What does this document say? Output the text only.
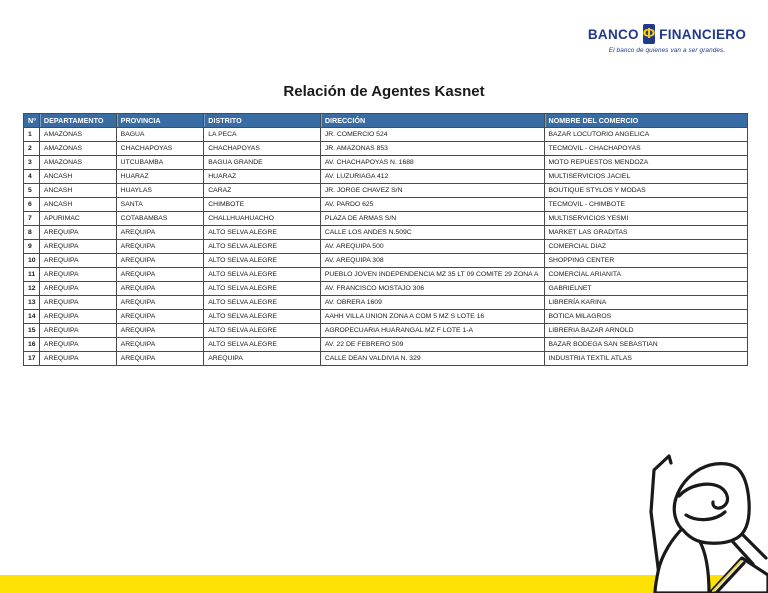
BANCO Φ FINANCIERO
El banco de quienes van a ser grandes.
Relación de Agentes Kasnet
Nº	DEPARTAMENTO	PROVINCIA	DISTRITO	DIRECCIÓN	NOMBRE DEL COMERCIO
1	AMAZONAS	BAGUA	LA PECA	JR. COMERCIO 524	BAZAR LOCUTORIO ANGELICA
2	AMAZONAS	CHACHAPOYAS	CHACHAPOYAS	JR. AMAZONAS 853	TECMOVIL - CHACHAPOYAS
3	AMAZONAS	UTCUBAMBA	BAGUA GRANDE	AV. CHACHAPOYAS N. 1688	MOTO REPUESTOS MENDOZA
4	ANCASH	HUARAZ	HUARAZ	AV. LUZURIAGA 412	MULTISERVICIOS JACIEL
5	ANCASH	HUAYLAS	CARAZ	JR. JORGE CHAVEZ S/N	BOUTIQUE STYLOS Y MODAS
6	ANCASH	SANTA	CHIMBOTE	AV. PARDO 625	TECMOVIL - CHIMBOTE
7	APURIMAC	COTABAMBAS	CHALLHUAHUACHO	PLAZA DE ARMAS S/N	MULTISERVICIOS YESMI
8	AREQUIPA	AREQUIPA	ALTO SELVA ALEGRE	CALLE LOS ANDES N.509C	MARKET LAS GRADITAS
9	AREQUIPA	AREQUIPA	ALTO SELVA ALEGRE	AV. AREQUIPA 500	COMERCIAL DIAZ
10	AREQUIPA	AREQUIPA	ALTO SELVA ALEGRE	AV. AREQUIPA 308	SHOPPING CENTER
11	AREQUIPA	AREQUIPA	ALTO SELVA ALEGRE	PUEBLO JOVEN INDEPENDENCIA MZ 35 LT 09 COMITE 29 ZONA A	COMERCIAL ARIANITA
12	AREQUIPA	AREQUIPA	ALTO SELVA ALEGRE	AV. FRANCISCO MOSTAJO 306	GABRIELNET
13	AREQUIPA	AREQUIPA	ALTO SELVA ALEGRE	AV. OBRERA 1609	LIBRERÍA KARINA
14	AREQUIPA	AREQUIPA	ALTO SELVA ALEGRE	AAHH VILLA UNION ZONA A COM 5 MZ S LOTE 16	BOTICA MILAGROS
15	AREQUIPA	AREQUIPA	ALTO SELVA ALEGRE	AGROPECUARIA HUARANGAL MZ F LOTE 1-A	LIBRERIA BAZAR ARNOLD
16	AREQUIPA	AREQUIPA	ALTO SELVA ALEGRE	AV. 22 DE FEBRERO 509	BAZAR BODEGA SAN SEBASTIAN
17	AREQUIPA	AREQUIPA	AREQUIPA	CALLE DEAN VALDIVIA N. 329	INDUSTRIA TEXTIL ATLAS
